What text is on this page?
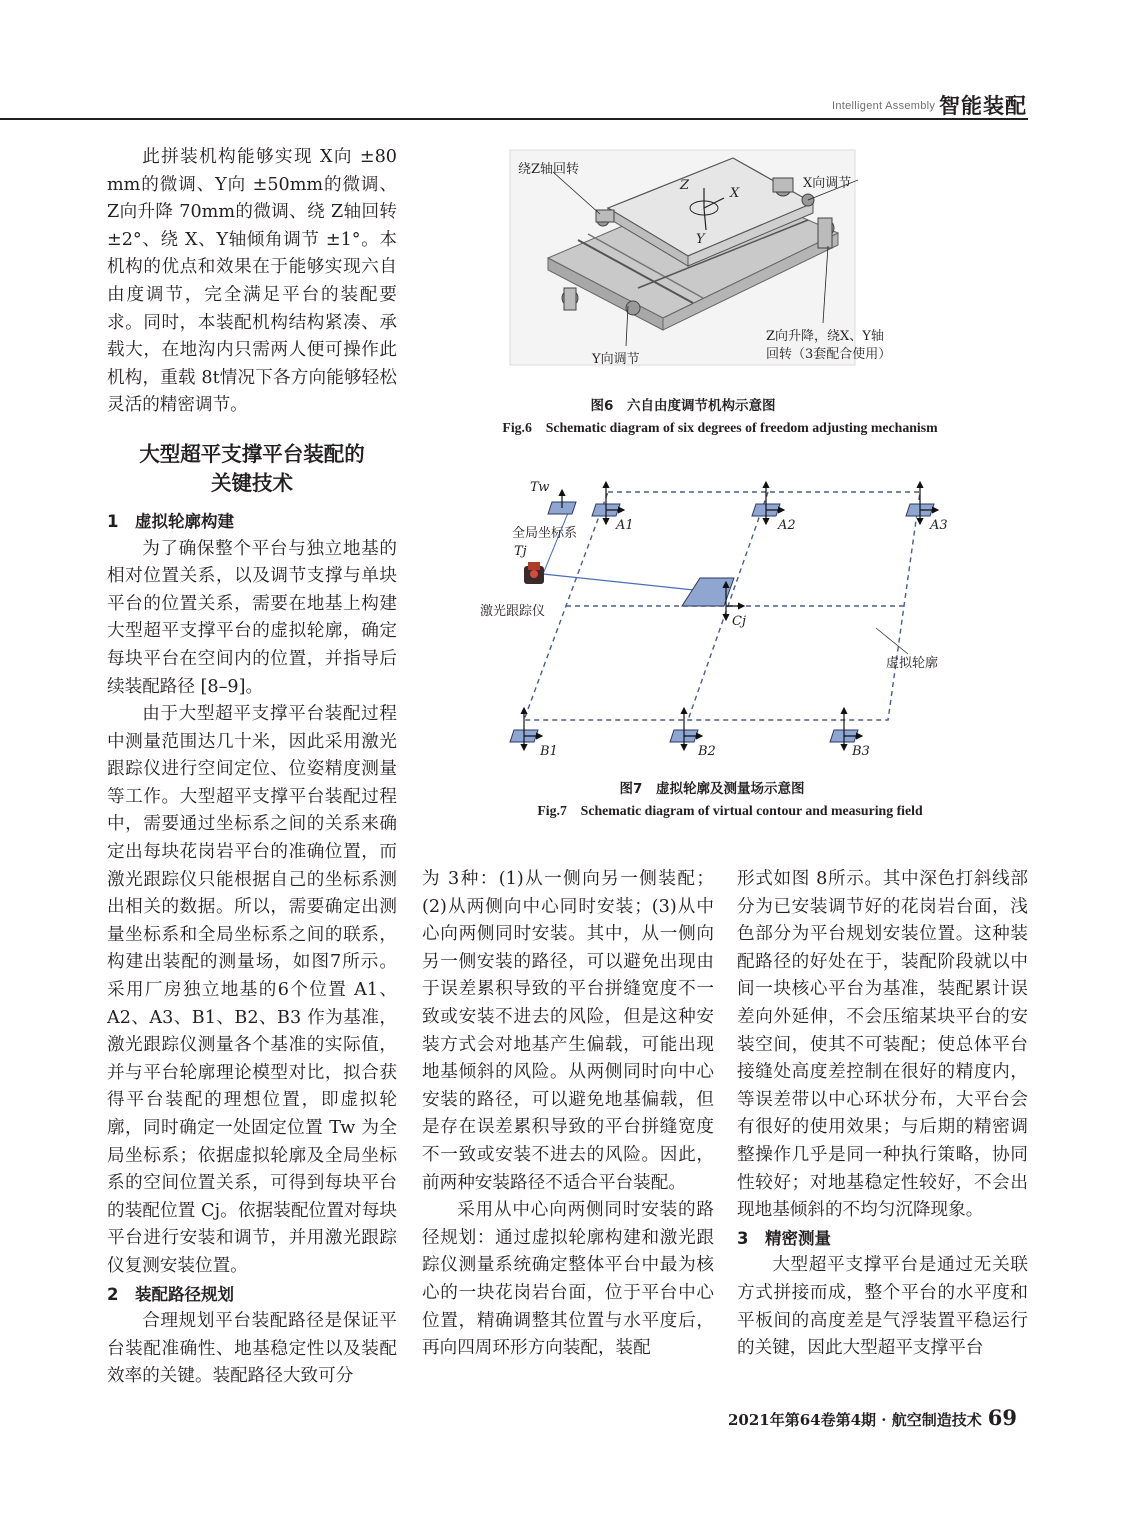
Intelligent Assembly 智能装配

此拼装机构能够实现 X向 ±80 mm的微调、Y向 ±50mm的微调、Z向升降 70mm的微调、绕 Z轴回转 ±2°、绕 X、Y轴倾角调节 ±1°。本机构的优点和效果在于能够实现六自由度调节，完全满足平台的装配要求。同时，本装配机构结构紧凑、承载大，在地沟内只需两人便可操作此机构，重载 8t情况下各方向能够轻松灵活的精密调节。

大型超平支撑平台装配的
关键技术
1　虚拟轮廓构建

为了确保整个平台与独立地基的相对位置关系，以及调节支撑与单块平台的位置关系，需要在地基上构建大型超平支撑平台的虚拟轮廓，确定每块平台在空间内的位置，并指导后续装配路径 [8–9]。

由于大型超平支撑平台装配过程中测量范围达几十米，因此采用激光跟踪仪进行空间定位、位姿精度测量等工作。大型超平支撑平台装配过程中，需要通过坐标系之间的关系来确定出每块花岗岩平台的准确位置，而激光跟踪仪只能根据自己的坐标系测出相关的数据。所以，需要确定出测量坐标系和全局坐标系之间的联系，构建出装配的测量场，如图7所示。采用厂房独立地基的6个位置 A1、A2、A3、B1、B2、B3 作为基准，激光跟踪仪测量各个基准的实际值，并与平台轮廓理论模型对比，拟合获得平台装配的理想位置，即虚拟轮廓，同时确定一处固定位置 Tw 为全局坐标系；依据虚拟轮廓及全局坐标系的空间位置关系，可得到每块平台的装配位置 Cj。依据装配位置对每块平台进行安装和调节，并用激光跟踪仪复测安装位置。

2　装配路径规划

合理规划平台装配路径是保证平台装配准确性、地基稳定性以及装配效率的关键。装配路径大致可分

绕Z轴回转
Z
X
Y
X向调节
Y向调节
Z向升降，绕X、Y轴
回转（3套配合使用）
图6　六自由度调节机构示意图
Fig.6　Schematic diagram of six degrees of freedom adjusting mechanism
Tw
全局坐标系
Tj
激光跟踪仪
A1	A2	A3
Cj
虚拟轮廓
B1	B2	B3
图7　虚拟轮廓及测量场示意图
Fig.7　Schematic diagram of virtual contour and measuring field

为 3种：(1)从一侧向另一侧装配；(2)从两侧向中心同时安装；(3)从中心向两侧同时安装。其中，从一侧向另一侧安装的路径，可以避免出现由于误差累积导致的平台拼缝宽度不一致或安装不进去的风险，但是这种安装方式会对地基产生偏载，可能出现地基倾斜的风险。从两侧同时向中心安装的路径，可以避免地基偏载，但是存在误差累积导致的平台拼缝宽度不一致或安装不进去的风险。因此，前两种安装路径不适合平台装配。

采用从中心向两侧同时安装的路径规划：通过虚拟轮廓构建和激光跟踪仪测量系统确定整体平台中最为核心的一块花岗岩台面，位于平台中心位置，精确调整其位置与水平度后，再向四周环形方向装配，装配

形式如图 8所示。其中深色打斜线部分为已安装调节好的花岗岩台面，浅色部分为平台规划安装位置。这种装配路径的好处在于，装配阶段就以中间一块核心平台为基准，装配累计误差向外延伸，不会压缩某块平台的安装空间，使其不可装配；使总体平台接缝处高度差控制在很好的精度内，等误差带以中心环状分布，大平台会有很好的使用效果；与后期的精密调整操作几乎是同一种执行策略，协同性较好；对地基稳定性较好，不会出现地基倾斜的不均匀沉降现象。

3　精密测量

大型超平支撑平台是通过无关联方式拼接而成，整个平台的水平度和平板间的高度差是气浮装置平稳运行的关键，因此大型超平支撑平台

2021年第64卷第4期 · 航空制造技术 69
